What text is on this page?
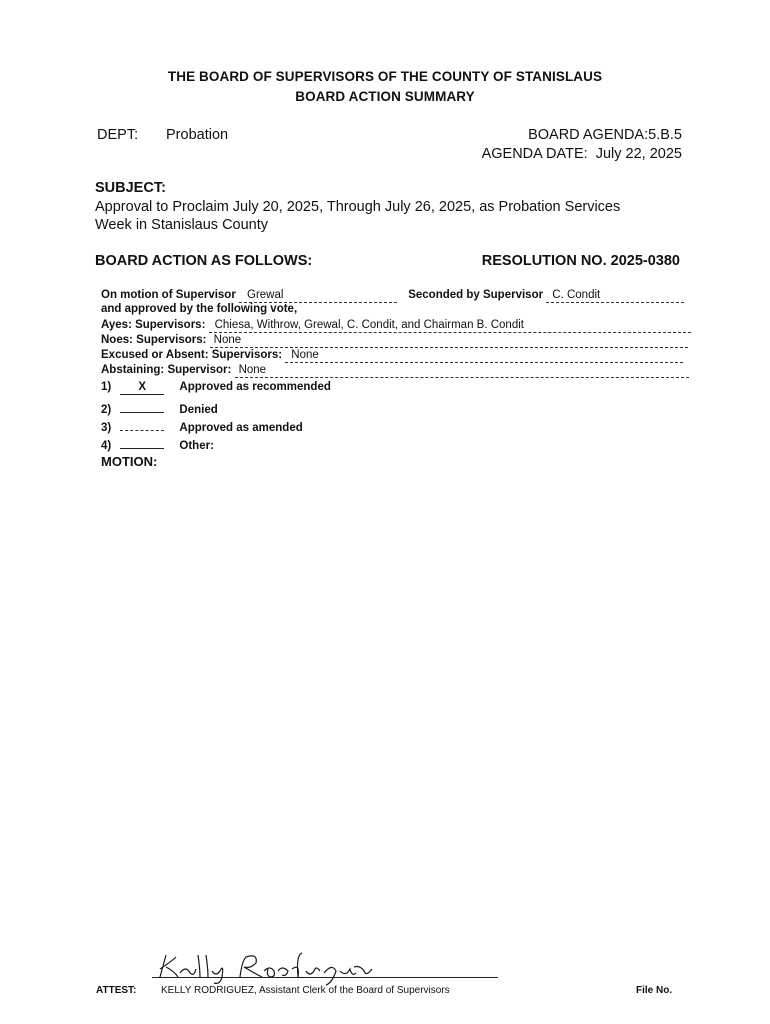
THE BOARD OF SUPERVISORS OF THE COUNTY OF STANISLAUS
BOARD ACTION SUMMARY
DEPT: Probation	BOARD AGENDA:5.B.5
AGENDA DATE: July 22, 2025
SUBJECT:
Approval to Proclaim July 20, 2025, Through July 26, 2025, as Probation Services
Week in Stanislaus County
BOARD ACTION AS FOLLOWS:	RESOLUTION NO. 2025-0380
On motion of Supervisor Grewal	Seconded by Supervisor C. Condit
and approved by the following vote,
Ayes: Supervisors: Chiesa, Withrow, Grewal, C. Condit, and Chairman B. Condit
Noes: Supervisors: None
Excused or Absent: Supervisors: None
Abstaining: Supervisor: None
1) X	Approved as recommended
2)	Denied
3)	Approved as amended
4)	Other:
MOTION:
ATTEST: KELLY RODRIGUEZ, Assistant Clerk of the Board of Supervisors	File No.
